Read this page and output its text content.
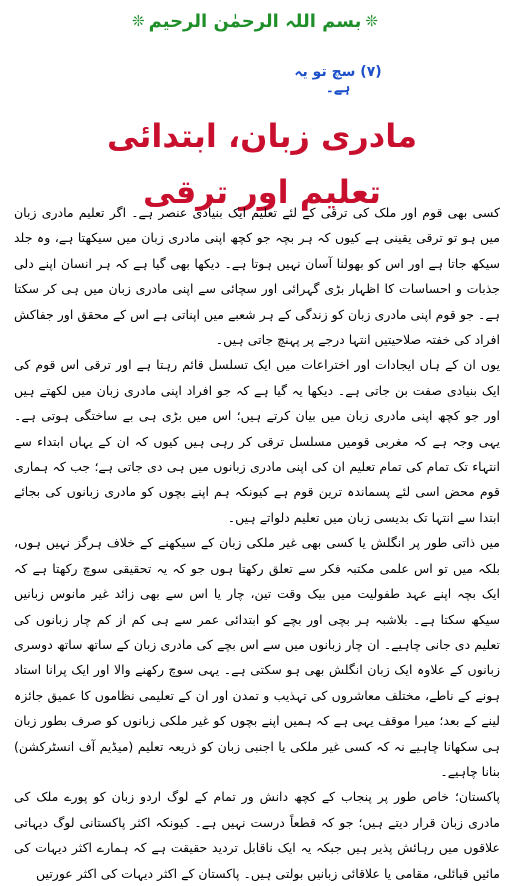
❊ بسم اللہ الرحمٰن الرحیم ❊
(۷) سچ تو یہ ہے۔
مادری زبان، ابتدائی تعلیم اور ترقی

کسی بھی قوم اور ملک کی ترقی کے لئے تعلیم ایک بنیادی عنصر ہے۔ اگر تعلیم مادری زبان میں ہو تو ترقی یقینی ہے کیوں کہ ہر بچہ جو کچھ اپنی مادری زبان میں سیکھتا ہے، وہ جلد سیکھ جاتا ہے اور اس کو بھولنا آسان نہیں ہوتا ہے۔ دیکھا بھی گیا ہے کہ ہر انسان اپنے دلی جذبات و احساسات کا اظہار بڑی گہرائی اور سچائی سے اپنی مادری زبان میں ہی کر سکتا ہے۔ جو قوم اپنی مادری زبان کو زندگی کے ہر شعبے میں اپناتی ہے اس کے محقق اور جفاکش افراد کی خفتہ صلاحیتیں انتہا درجے پر پہنچ جاتی ہیں۔

یوں ان کے ہاں ایجادات اور اختراعات میں ایک تسلسل قائم رہتا ہے اور ترقی اس قوم کی ایک بنیادی صفت بن جاتی ہے۔ دیکھا یہ گیا ہے کہ جو افراد اپنی مادری زبان میں لکھتے ہیں اور جو کچھ اپنی مادری زبان میں بیان کرتے ہیں؛ اس میں بڑی ہی بے ساختگی ہوتی ہے۔ یہی وجہ ہے کہ مغربی قومیں مسلسل ترقی کر رہی ہیں کیوں کہ ان کے یہاں ابتداء سے انتہاء تک تمام کی تمام تعلیم ان کی اپنی مادری زبانوں میں ہی دی جاتی ہے؛ جب کہ ہماری قوم محض اسی لئے پسماندہ ترین قوم ہے کیونکہ ہم اپنے بچوں کو مادری زبانوں کی بجائے ابتدا سے انتہا تک بدیسی زبان میں تعلیم دلواتے ہیں۔

میں ذاتی طور پر انگلش یا کسی بھی غیر ملکی زبان کے سیکھنے کے خلاف ہرگز نہیں ہوں، بلکہ میں تو اس علمی مکتبہ فکر سے تعلق رکھتا ہوں جو کہ یہ تحقیقی سوچ رکھتا ہے کہ ایک بچہ اپنے عہد طفولیت میں بیک وقت تین، چار یا اس سے بھی زائد غیر مانوس زبانیں سیکھ سکتا ہے۔ بلاشبہ ہر بچی اور بچے کو ابتدائی عمر سے ہی کم از کم چار زبانوں کی تعلیم دی جانی چاہیے۔ ان چار زبانوں میں سے اس بچے کی مادری زبان کے ساتھ ساتھ دوسری زبانوں کے علاوہ ایک زبان انگلش بھی ہو سکتی ہے۔ یہی سوچ رکھنے والا اور ایک پرانا استاد ہونے کے ناطے، مختلف معاشروں کی تہذیب و تمدن اور ان کے تعلیمی نظاموں کا عمیق جائزہ لینے کے بعد؛ میرا موقف یہی ہے کہ ہمیں اپنے بچوں کو غیر ملکی زبانوں کو صرف بطور زبان ہی سکھانا چاہیے نہ کہ کسی غیر ملکی یا اجنبی زبان کو ذریعہ تعلیم (میڈیم آف انسٹرکشن) بنانا چاہیے۔

پاکستان؛ خاص طور پر پنجاب کے کچھ دانش ور تمام کے لوگ اردو زبان کو پورے ملک کی مادری زبان قرار دیتے ہیں؛ جو کہ قطعاً درست نہیں ہے۔ کیونکہ اکثر پاکستانی لوگ دیہاتی علاقوں میں رہائش پذیر ہیں جبکہ یہ ایک ناقابل تردید حقیقت ہے کہ ہمارے اکثر دیہات کی مائیں قبائلی، مقامی یا علاقائی زبانیں بولتی ہیں۔ پاکستان کے اکثر دیہات کی اکثر عورتیں
